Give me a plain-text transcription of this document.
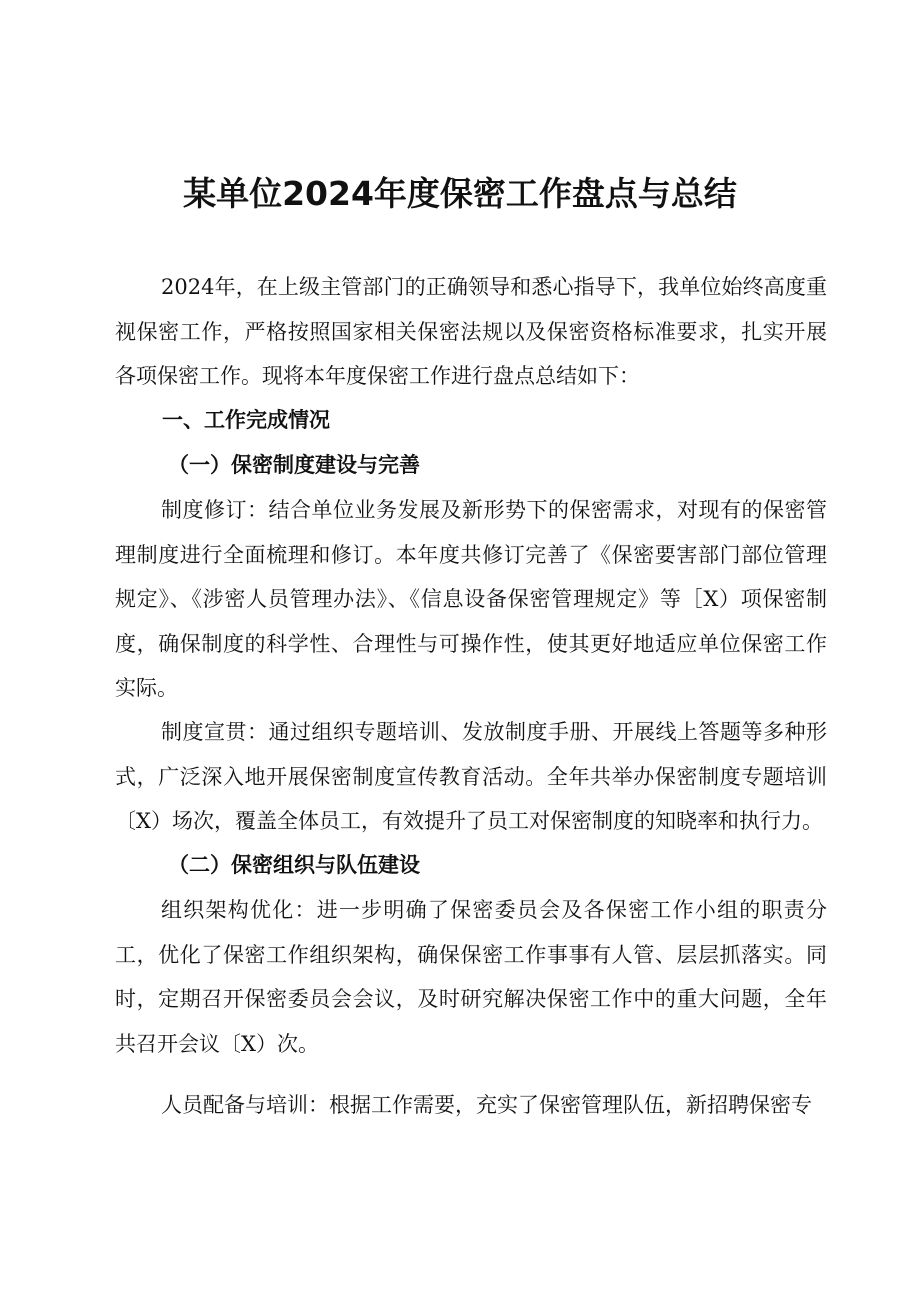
某单位2024年度保密工作盘点与总结

2024年，在上级主管部门的正确领导和悉心指导下，我单位始终高度重视保密工作，严格按照国家相关保密法规以及保密资格标准要求，扎实开展各项保密工作。现将本年度保密工作进行盘点总结如下：

一、工作完成情况

（一）保密制度建设与完善

制度修订：结合单位业务发展及新形势下的保密需求，对现有的保密管理制度进行全面梳理和修订。本年度共修订完善了《保密要害部门部位管理规定》、《涉密人员管理办法》、《信息设备保密管理规定》等［X）项保密制度，确保制度的科学性、合理性与可操作性，使其更好地适应单位保密工作实际。

制度宣贯：通过组织专题培训、发放制度手册、开展线上答题等多种形式，广泛深入地开展保密制度宣传教育活动。全年共举办保密制度专题培训〔X）场次，覆盖全体员工，有效提升了员工对保密制度的知晓率和执行力。

（二）保密组织与队伍建设

组织架构优化：进一步明确了保密委员会及各保密工作小组的职责分工，优化了保密工作组织架构，确保保密工作事事有人管、层层抓落实。同时，定期召开保密委员会会议，及时研究解决保密工作中的重大问题，全年共召开会议〔X）次。

人员配备与培训：根据工作需要，充实了保密管理队伍，新招聘保密专
